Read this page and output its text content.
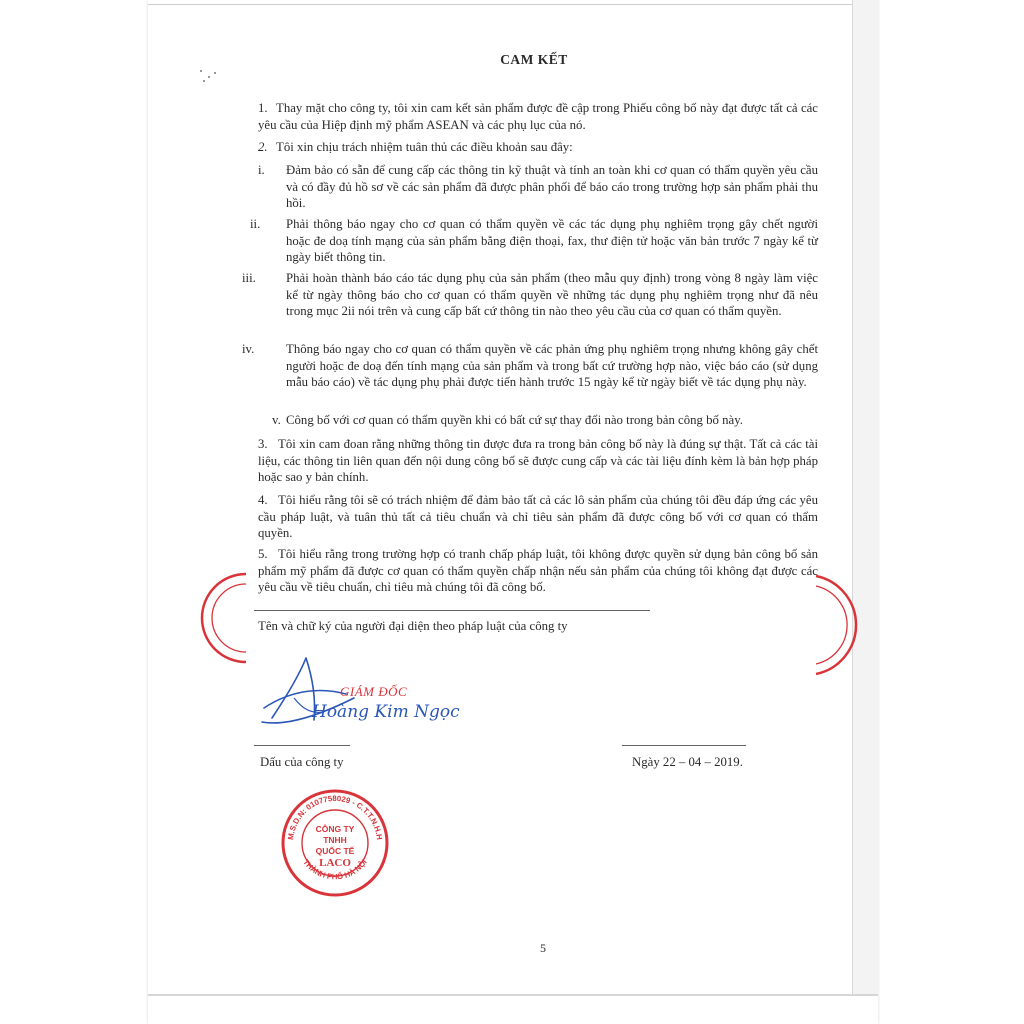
CAM KẾT

1. Thay mặt cho công ty, tôi xin cam kết sản phẩm được đề cập trong Phiếu công bố này đạt được tất cả các yêu cầu của Hiệp định mỹ phẩm ASEAN và các phụ lục của nó.

2. Tôi xin chịu trách nhiệm tuân thủ các điều khoản sau đây:

i. Đảm bảo có sẵn để cung cấp các thông tin kỹ thuật và tính an toàn khi cơ quan có thẩm quyền yêu cầu và có đầy đủ hồ sơ về các sản phẩm đã được phân phối để báo cáo trong trường hợp sản phẩm phải thu hồi.

ii. Phải thông báo ngay cho cơ quan có thẩm quyền về các tác dụng phụ nghiêm trọng gây chết người hoặc đe doạ tính mạng của sản phẩm bằng điện thoại, fax, thư điện tử hoặc văn bản trước 7 ngày kể từ ngày biết thông tin.

iii. Phải hoàn thành báo cáo tác dụng phụ của sản phẩm (theo mẫu quy định) trong vòng 8 ngày làm việc kể từ ngày thông báo cho cơ quan có thẩm quyền về những tác dụng phụ nghiêm trọng như đã nêu trong mục 2ii nói trên và cung cấp bất cứ thông tin nào theo yêu cầu của cơ quan có thẩm quyền.

iv. Thông báo ngay cho cơ quan có thẩm quyền về các phản ứng phụ nghiêm trọng nhưng không gây chết người hoặc đe doạ đến tính mạng của sản phẩm và trong bất cứ trường hợp nào, việc báo cáo (sử dụng mẫu báo cáo) về tác dụng phụ phải được tiến hành trước 15 ngày kể từ ngày biết về tác dụng phụ này.

v. Công bố với cơ quan có thẩm quyền khi có bất cứ sự thay đổi nào trong bản công bố này.

3. Tôi xin cam đoan rằng những thông tin được đưa ra trong bản công bố này là đúng sự thật. Tất cả các tài liệu, các thông tin liên quan đến nội dung công bố sẽ được cung cấp và các tài liệu đính kèm là bản hợp pháp hoặc sao y bản chính.

4. Tôi hiểu rằng tôi sẽ có trách nhiệm để đảm bảo tất cả các lô sản phẩm của chúng tôi đều đáp ứng các yêu cầu pháp luật, và tuân thủ tất cả tiêu chuẩn và chỉ tiêu sản phẩm đã được công bố với cơ quan có thẩm quyền.

5. Tôi hiểu rằng trong trường hợp có tranh chấp pháp luật, tôi không được quyền sử dụng bản công bố sản phẩm mỹ phẩm đã được cơ quan có thẩm quyền chấp nhận nếu sản phẩm của chúng tôi không đạt được các yêu cầu về tiêu chuẩn, chỉ tiêu mà chúng tôi đã công bố.

Tên và chữ ký của người đại diện theo pháp luật của công ty
GIÁM ĐỐC
Hoàng Kim Ngọc
Dấu của công ty	Ngày 22 – 04 – 2019.
5
M.S.D.N: 0107758029 - C.T.T.N.H.H
THÀNH PHỐ HÀ NỘI
CÔNG TY
TNHH
QUỐC TẾ
LACO
